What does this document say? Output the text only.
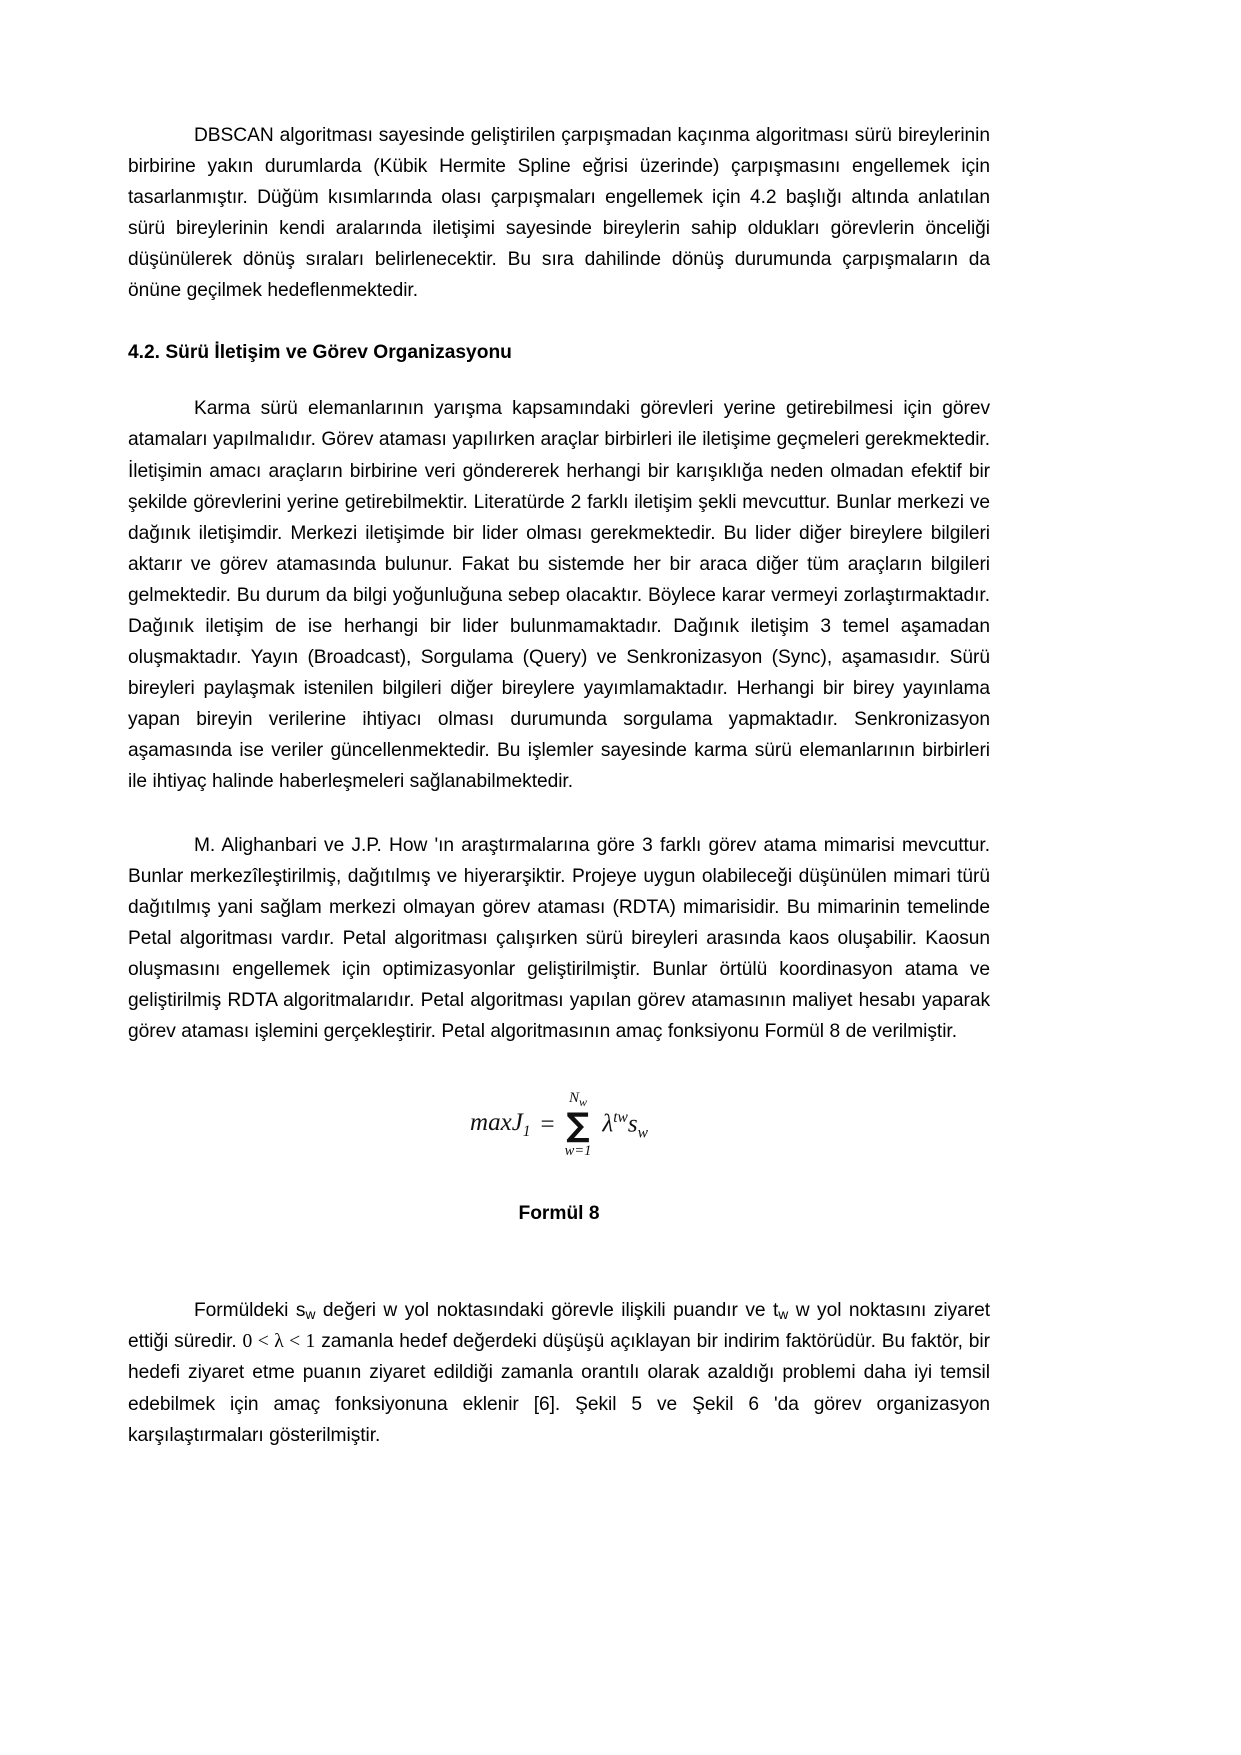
DBSCAN algoritması sayesinde geliştirilen çarpışmadan kaçınma algoritması sürü bireylerinin birbirine yakın durumlarda (Kübik Hermite Spline eğrisi üzerinde) çarpışmasını engellemek için tasarlanmıştır. Düğüm kısımlarında olası çarpışmaları engellemek için 4.2 başlığı altında anlatılan sürü bireylerinin kendi aralarında iletişimi sayesinde bireylerin sahip oldukları görevlerin önceliği düşünülerek dönüş sıraları belirlenecektir. Bu sıra dahilinde dönüş durumunda çarpışmaların da önüne geçilmek hedeflenmektedir.

4.2. Sürü İletişim ve Görev Organizasyonu

Karma sürü elemanlarının yarışma kapsamındaki görevleri yerine getirebilmesi için görev atamaları yapılmalıdır. Görev ataması yapılırken araçlar birbirleri ile iletişime geçmeleri gerekmektedir. İletişimin amacı araçların birbirine veri göndererek herhangi bir karışıklığa neden olmadan efektif bir şekilde görevlerini yerine getirebilmektir. Literatürde 2 farklı iletişim şekli mevcuttur. Bunlar merkezi ve dağınık iletişimdir. Merkezi iletişimde bir lider olması gerekmektedir. Bu lider diğer bireylere bilgileri aktarır ve görev atamasında bulunur. Fakat bu sistemde her bir araca diğer tüm araçların bilgileri gelmektedir. Bu durum da bilgi yoğunluğuna sebep olacaktır. Böylece karar vermeyi zorlaştırmaktadır. Dağınık iletişim de ise herhangi bir lider bulunmamaktadır. Dağınık iletişim 3 temel aşamadan oluşmaktadır. Yayın (Broadcast), Sorgulama (Query) ve Senkronizasyon (Sync), aşamasıdır. Sürü bireyleri paylaşmak istenilen bilgileri diğer bireylere yayımlamaktadır. Herhangi bir birey yayınlama yapan bireyin verilerine ihtiyacı olması durumunda sorgulama yapmaktadır. Senkronizasyon aşamasında ise veriler güncellenmektedir. Bu işlemler sayesinde karma sürü elemanlarının birbirleri ile ihtiyaç halinde haberleşmeleri sağlanabilmektedir.

M. Alighanbari ve J.P. How 'ın araştırmalarına göre 3 farklı görev atama mimarisi mevcuttur. Bunlar merkezîleştirilmiş, dağıtılmış ve hiyerarşiktir. Projeye uygun olabileceği düşünülen mimari türü dağıtılmış yani sağlam merkezi olmayan görev ataması (RDTA) mimarisidir. Bu mimarinin temelinde Petal algoritması vardır. Petal algoritması çalışırken sürü bireyleri arasında kaos oluşabilir. Kaosun oluşmasını engellemek için optimizasyonlar geliştirilmiştir. Bunlar örtülü koordinasyon atama ve geliştirilmiş RDTA algoritmalarıdır. Petal algoritması yapılan görev atamasının maliyet hesabı yaparak görev ataması işlemini gerçekleştirir. Petal algoritmasının amaç fonksiyonu Formül 8 de verilmiştir.

maxJ$_1$ =
$N_w$
∑
w=1
$\lambda^{tw}s_w$

Formül 8

Formüldeki $s_w$ değeri w yol noktasındaki görevle ilişkili puandır ve $t_w$ w yol noktasını ziyaret ettiği süredir. 0 < λ < 1 zamanla hedef değerdeki düşüşü açıklayan bir indirim faktörüdür. Bu faktör, bir hedefi ziyaret etme puanın ziyaret edildiği zamanla orantılı olarak azaldığı problemi daha iyi temsil edebilmek için amaç fonksiyonuna eklenir [6]. Şekil 5 ve Şekil 6 'da görev organizasyon karşılaştırmaları gösterilmiştir.
